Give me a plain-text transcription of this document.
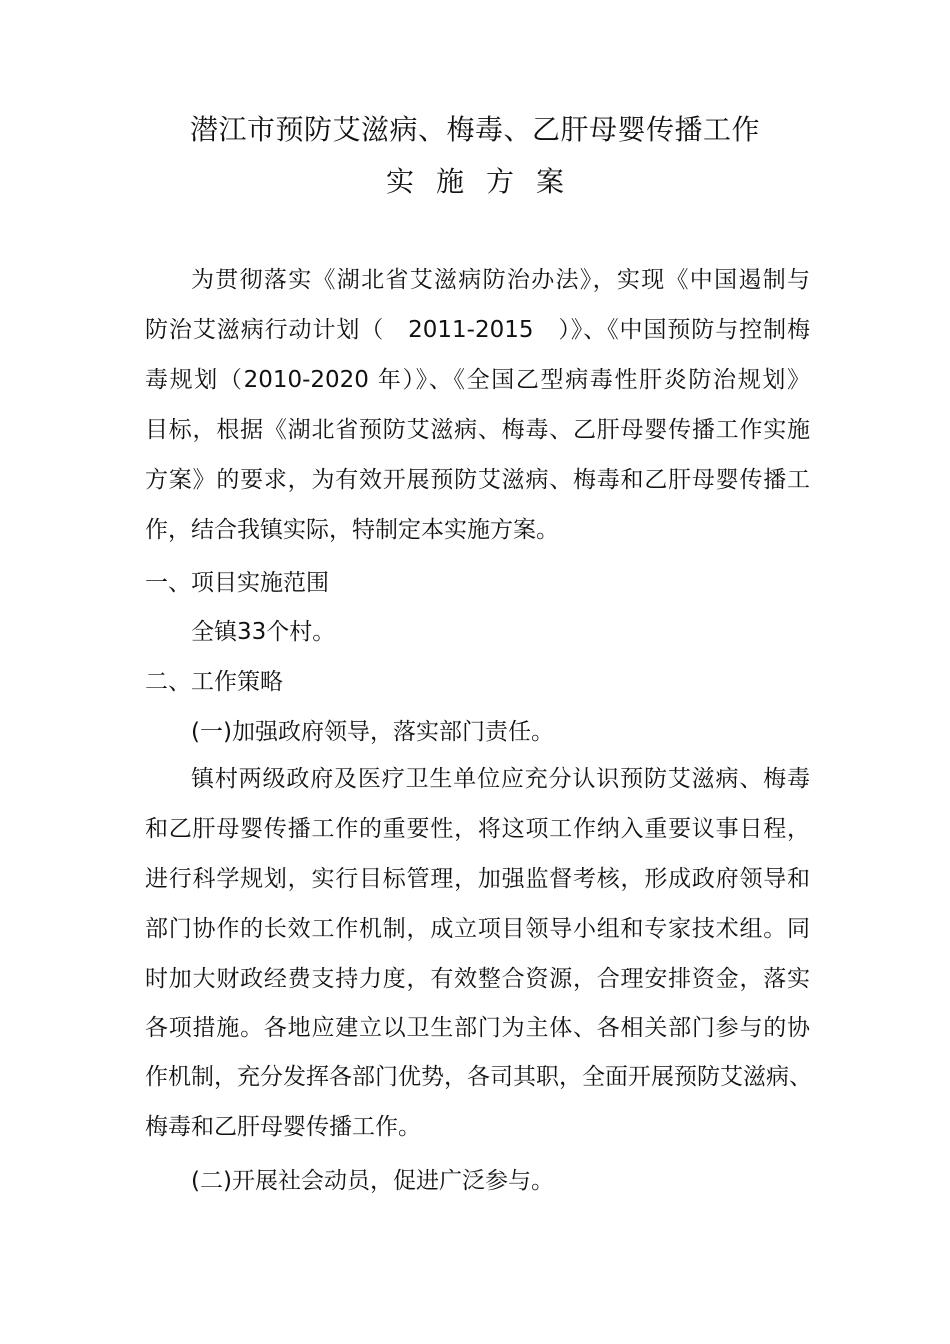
潜江市预防艾滋病、梅毒、乙肝母婴传播工作
实施方案
为贯彻落实《湖北省艾滋病防治办法》，实现《中国遏制与
防治艾滋病行动计划（　2011-2015　）》、《中国预防与控制梅
毒规划（2010-2020 年）》、《全国乙型病毒性肝炎防治规划》
目标，根据《湖北省预防艾滋病、梅毒、乙肝母婴传播工作实施
方案》的要求，为有效开展预防艾滋病、梅毒和乙肝母婴传播工
作，结合我镇实际，特制定本实施方案。
一、项目实施范围
全镇33个村。
二、工作策略
(一)加强政府领导，落实部门责任。
镇村两级政府及医疗卫生单位应充分认识预防艾滋病、梅毒
和乙肝母婴传播工作的重要性，将这项工作纳入重要议事日程，
进行科学规划，实行目标管理，加强监督考核，形成政府领导和
部门协作的长效工作机制，成立项目领导小组和专家技术组。同
时加大财政经费支持力度，有效整合资源，合理安排资金，落实
各项措施。各地应建立以卫生部门为主体、各相关部门参与的协
作机制，充分发挥各部门优势，各司其职，全面开展预防艾滋病、
梅毒和乙肝母婴传播工作。
(二)开展社会动员，促进广泛参与。
